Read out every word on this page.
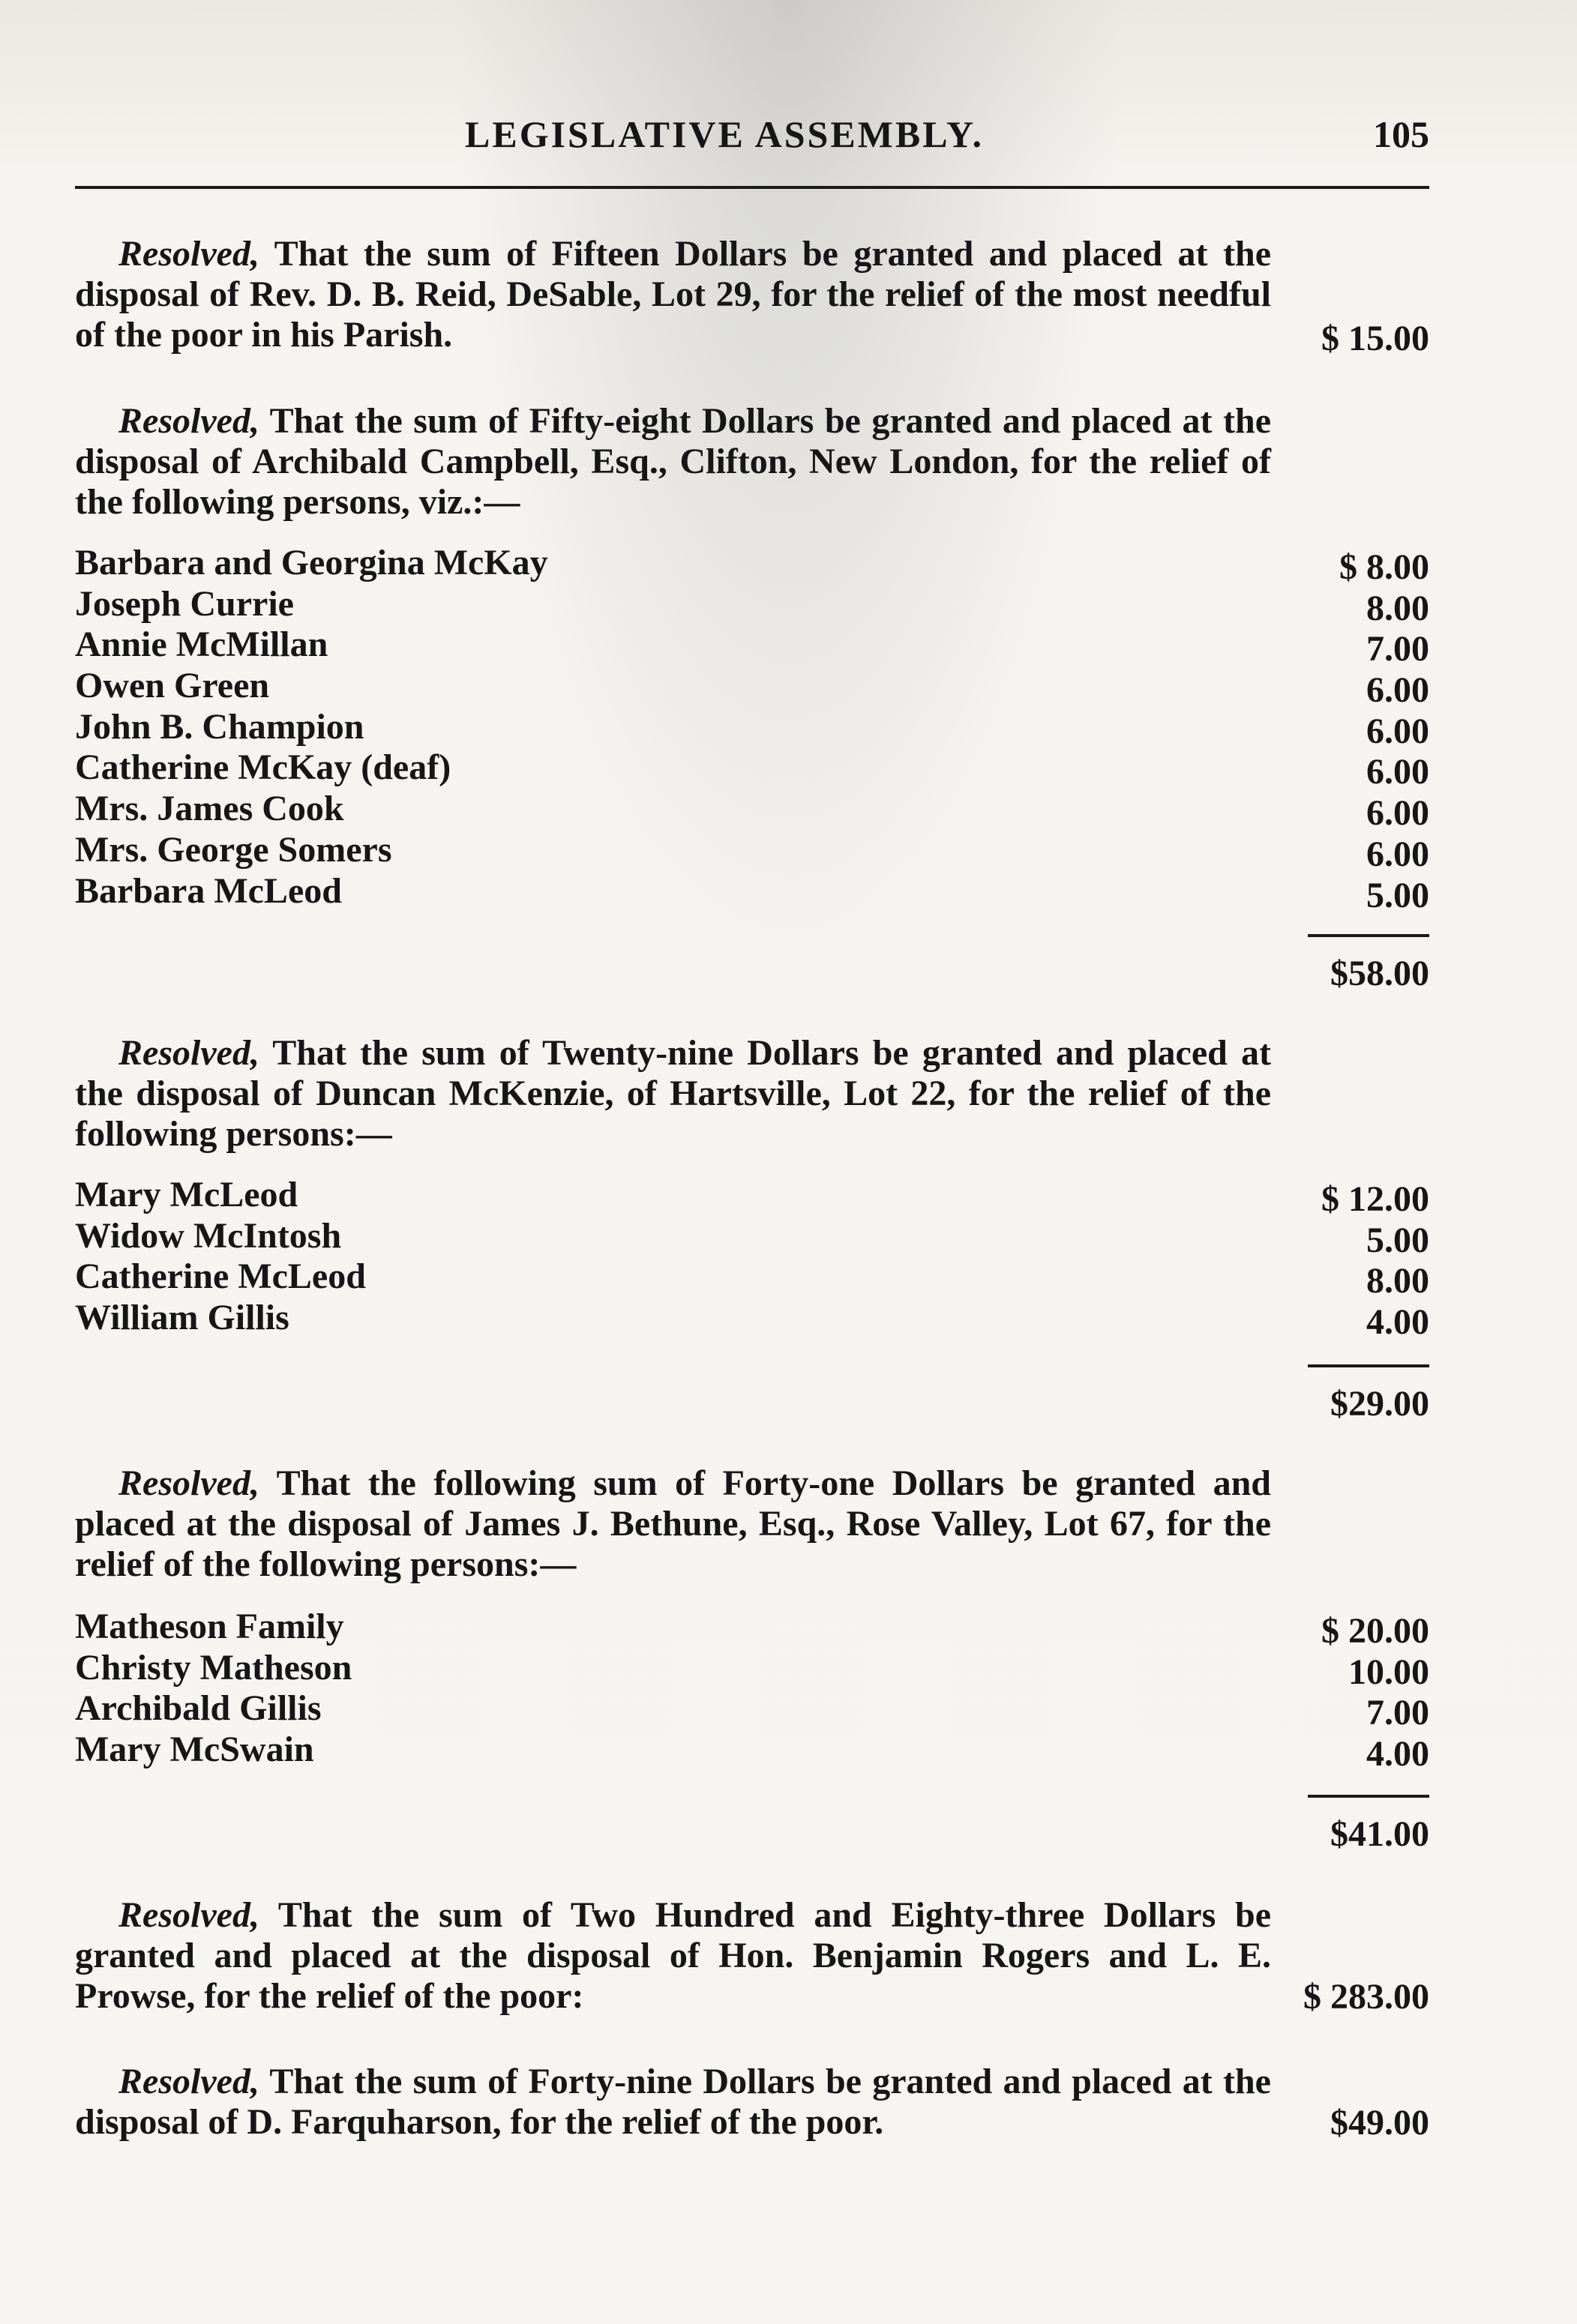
LEGISLATIVE ASSEMBLY.	105
Resolved, That the sum of Fifteen Dollars be granted and placed at the disposal of Rev. D. B. Reid, DeSable, Lot 29, for the relief of the most needful of the poor in his Parish.	$ 15.00
Resolved, That the sum of Fifty-eight Dollars be granted and placed at the disposal of Archibald Campbell, Esq., Clifton, New London, for the relief of the following persons, viz.:—
Barbara and Georgina McKay	$ 8.00
Joseph Currie	8.00
Annie McMillan	7.00
Owen Green	6.00
John B. Champion	6.00
Catherine McKay (deaf)	6.00
Mrs. James Cook	6.00
Mrs. George Somers	6.00
Barbara McLeod	5.00
$58.00
Resolved, That the sum of Twenty-nine Dollars be granted and placed at the disposal of Duncan McKenzie, of Hartsville, Lot 22, for the relief of the following persons:—
Mary McLeod	$ 12.00
Widow McIntosh	5.00
Catherine McLeod	8.00
William Gillis	4.00
$29.00
Resolved, That the following sum of Forty-one Dollars be granted and placed at the disposal of James J. Bethune, Esq., Rose Valley, Lot 67, for the relief of the following persons:—
Matheson Family	$ 20.00
Christy Matheson	10.00
Archibald Gillis	7.00
Mary McSwain	4.00
$41.00
Resolved, That the sum of Two Hundred and Eighty-three Dollars be granted and placed at the disposal of Hon. Benjamin Rogers and L. E. Prowse, for the relief of the poor:	$ 283.00
Resolved, That the sum of Forty-nine Dollars be granted and placed at the disposal of D. Farquharson, for the relief of the poor.	$49.00
